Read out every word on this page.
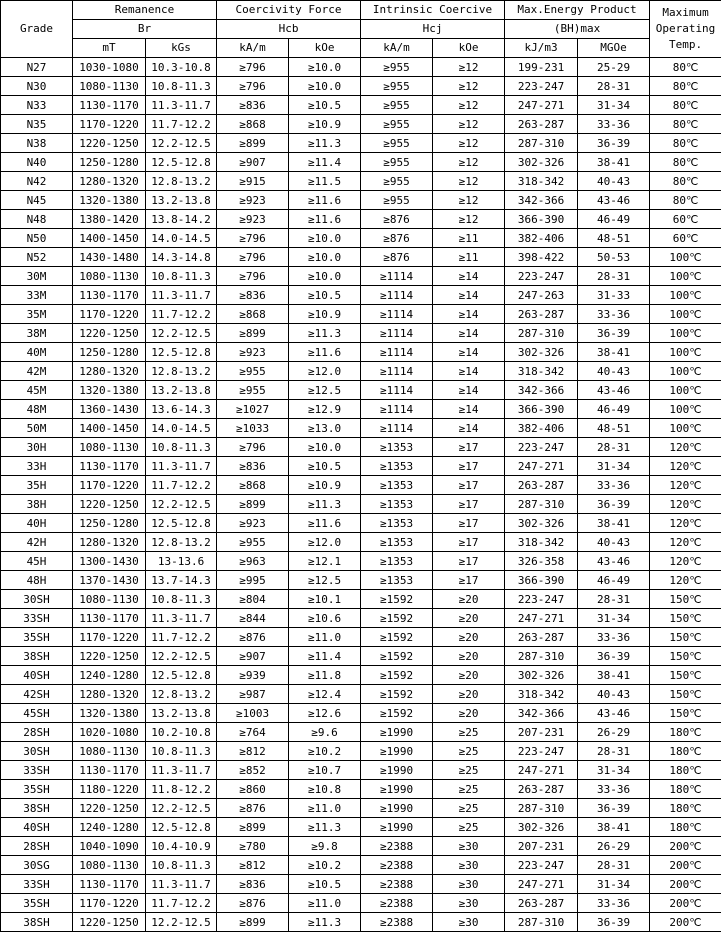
Grade	Remanence		Coercivity Force		Intrinsic Coercive		Max.Energy Product		Maximum
Operating
Temp.

	Br		Hcb		Hcj		(BH)max		
	mT	kGs	kA/m	kOe	kA/m	kOe	kJ/m3	MGOe	
N27	1030-1080	10.3-10.8	≥796	≥10.0	≥955	≥12	199-231	25-29	80℃
N30	1080-1130	10.8-11.3	≥796	≥10.0	≥955	≥12	223-247	28-31	80℃
N33	1130-1170	11.3-11.7	≥836	≥10.5	≥955	≥12	247-271	31-34	80℃
N35	1170-1220	11.7-12.2	≥868	≥10.9	≥955	≥12	263-287	33-36	80℃
N38	1220-1250	12.2-12.5	≥899	≥11.3	≥955	≥12	287-310	36-39	80℃
N40	1250-1280	12.5-12.8	≥907	≥11.4	≥955	≥12	302-326	38-41	80℃
N42	1280-1320	12.8-13.2	≥915	≥11.5	≥955	≥12	318-342	40-43	80℃
N45	1320-1380	13.2-13.8	≥923	≥11.6	≥955	≥12	342-366	43-46	80℃
N48	1380-1420	13.8-14.2	≥923	≥11.6	≥876	≥12	366-390	46-49	60℃
N50	1400-1450	14.0-14.5	≥796	≥10.0	≥876	≥11	382-406	48-51	60℃
N52	1430-1480	14.3-14.8	≥796	≥10.0	≥876	≥11	398-422	50-53	100℃
30M	1080-1130	10.8-11.3	≥796	≥10.0	≥1114	≥14	223-247	28-31	100℃
33M	1130-1170	11.3-11.7	≥836	≥10.5	≥1114	≥14	247-263	31-33	100℃
35M	1170-1220	11.7-12.2	≥868	≥10.9	≥1114	≥14	263-287	33-36	100℃
38M	1220-1250	12.2-12.5	≥899	≥11.3	≥1114	≥14	287-310	36-39	100℃
40M	1250-1280	12.5-12.8	≥923	≥11.6	≥1114	≥14	302-326	38-41	100℃
42M	1280-1320	12.8-13.2	≥955	≥12.0	≥1114	≥14	318-342	40-43	100℃
45M	1320-1380	13.2-13.8	≥955	≥12.5	≥1114	≥14	342-366	43-46	100℃
48M	1360-1430	13.6-14.3	≥1027	≥12.9	≥1114	≥14	366-390	46-49	100℃
50M	1400-1450	14.0-14.5	≥1033	≥13.0	≥1114	≥14	382-406	48-51	100℃
30H	1080-1130	10.8-11.3	≥796	≥10.0	≥1353	≥17	223-247	28-31	120℃
33H	1130-1170	11.3-11.7	≥836	≥10.5	≥1353	≥17	247-271	31-34	120℃
35H	1170-1220	11.7-12.2	≥868	≥10.9	≥1353	≥17	263-287	33-36	120℃
38H	1220-1250	12.2-12.5	≥899	≥11.3	≥1353	≥17	287-310	36-39	120℃
40H	1250-1280	12.5-12.8	≥923	≥11.6	≥1353	≥17	302-326	38-41	120℃
42H	1280-1320	12.8-13.2	≥955	≥12.0	≥1353	≥17	318-342	40-43	120℃
45H	1300-1430	13-13.6	≥963	≥12.1	≥1353	≥17	326-358	43-46	120℃
48H	1370-1430	13.7-14.3	≥995	≥12.5	≥1353	≥17	366-390	46-49	120℃
30SH	1080-1130	10.8-11.3	≥804	≥10.1	≥1592	≥20	223-247	28-31	150℃
33SH	1130-1170	11.3-11.7	≥844	≥10.6	≥1592	≥20	247-271	31-34	150℃
35SH	1170-1220	11.7-12.2	≥876	≥11.0	≥1592	≥20	263-287	33-36	150℃
38SH	1220-1250	12.2-12.5	≥907	≥11.4	≥1592	≥20	287-310	36-39	150℃
40SH	1240-1280	12.5-12.8	≥939	≥11.8	≥1592	≥20	302-326	38-41	150℃
42SH	1280-1320	12.8-13.2	≥987	≥12.4	≥1592	≥20	318-342	40-43	150℃
45SH	1320-1380	13.2-13.8	≥1003	≥12.6	≥1592	≥20	342-366	43-46	150℃
28SH	1020-1080	10.2-10.8	≥764	≥9.6	≥1990	≥25	207-231	26-29	180℃
30SH	1080-1130	10.8-11.3	≥812	≥10.2	≥1990	≥25	223-247	28-31	180℃
33SH	1130-1170	11.3-11.7	≥852	≥10.7	≥1990	≥25	247-271	31-34	180℃
35SH	1180-1220	11.8-12.2	≥860	≥10.8	≥1990	≥25	263-287	33-36	180℃
38SH	1220-1250	12.2-12.5	≥876	≥11.0	≥1990	≥25	287-310	36-39	180℃
40SH	1240-1280	12.5-12.8	≥899	≥11.3	≥1990	≥25	302-326	38-41	180℃
28SH	1040-1090	10.4-10.9	≥780	≥9.8	≥2388	≥30	207-231	26-29	200℃
30SG	1080-1130	10.8-11.3	≥812	≥10.2	≥2388	≥30	223-247	28-31	200℃
33SH	1130-1170	11.3-11.7	≥836	≥10.5	≥2388	≥30	247-271	31-34	200℃
35SH	1170-1220	11.7-12.2	≥876	≥11.0	≥2388	≥30	263-287	33-36	200℃
38SH	1220-1250	12.2-12.5	≥899	≥11.3	≥2388	≥30	287-310	36-39	200℃
